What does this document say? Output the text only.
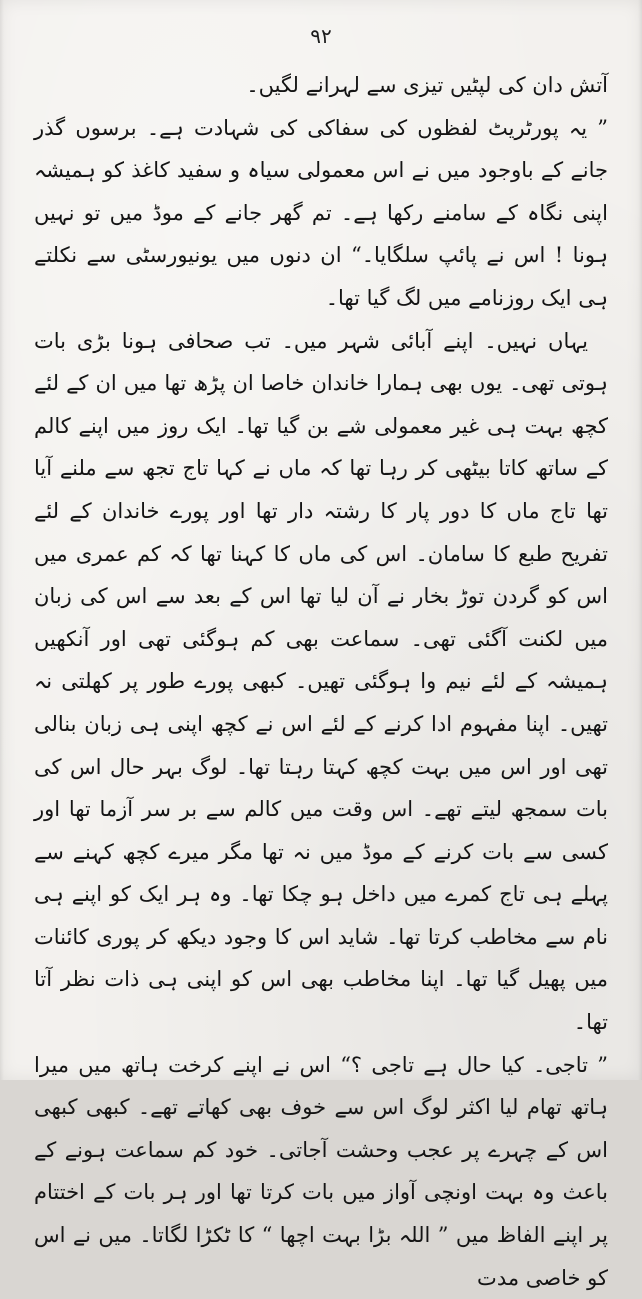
۹۲

آتش دان کی لپٹیں تیزی سے لہرانے لگیں۔

” یہ پورٹریٹ لفظوں کی سفاکی کی شہادت ہے۔ برسوں گذر جانے کے باوجود میں نے اس معمولی سیاہ و سفید کاغذ کو ہمیشہ اپنی نگاہ کے سامنے رکھا ہے۔ تم گھر جانے کے موڈ میں تو نہیں ہونا ! اس نے پائپ سلگایا۔“ ان دنوں میں یونیورسٹی سے نکلتے ہی ایک روزنامے میں لگ گیا تھا۔

یہاں نہیں۔ اپنے آبائی شہر میں۔ تب صحافی ہونا بڑی بات ہوتی تھی۔ یوں بھی ہمارا خاندان خاصا ان پڑھ تھا میں ان کے لئے کچھ بہت ہی غیر معمولی شے بن گیا تھا۔ ایک روز میں اپنے کالم کے ساتھ کاتا بیٹھی کر رہا تھا کہ ماں نے کہا تاج تجھ سے ملنے آیا تھا تاج ماں کا دور پار کا رشتہ دار تھا اور پورے خاندان کے لئے تفریح طبع کا سامان۔ اس کی ماں کا کہنا تھا کہ کم عمری میں اس کو گردن توڑ بخار نے آن لیا تھا اس کے بعد سے اس کی زبان میں لکنت آگئی تھی۔ سماعت بھی کم ہوگئی تھی اور آنکھیں ہمیشہ کے لئے نیم وا ہوگئی تھیں۔ کبھی پورے طور پر کھلتی نہ تھیں۔ اپنا مفہوم ادا کرنے کے لئے اس نے کچھ اپنی ہی زبان بنالی تھی اور اس میں بہت کچھ کہتا رہتا تھا۔ لوگ بہر حال اس کی بات سمجھ لیتے تھے۔ اس وقت میں کالم سے بر سر آزما تھا اور کسی سے بات کرنے کے موڈ میں نہ تھا مگر میرے کچھ کہنے سے پہلے ہی تاج کمرے میں داخل ہو چکا تھا۔ وہ ہر ایک کو اپنے ہی نام سے مخاطب کرتا تھا۔ شاید اس کا وجود دیکھ کر پوری کائنات میں پھیل گیا تھا۔ اپنا مخاطب بھی اس کو اپنی ہی ذات نظر آتا تھا۔

” تاجی۔ کیا حال ہے تاجی ؟“ اس نے اپنے کرخت ہاتھ میں میرا ہاتھ تھام لیا اکثر لوگ اس سے خوف بھی کھاتے تھے۔ کبھی کبھی اس کے چہرے پر عجب وحشت آجاتی۔ خود کم سماعت ہونے کے باعث وہ بہت اونچی آواز میں بات کرتا تھا اور ہر بات کے اختتام پر اپنے الفاظ میں ” اللہ بڑا بہت اچھا “ کا ٹکڑا لگاتا۔ میں نے اس کو خاصی مدت
